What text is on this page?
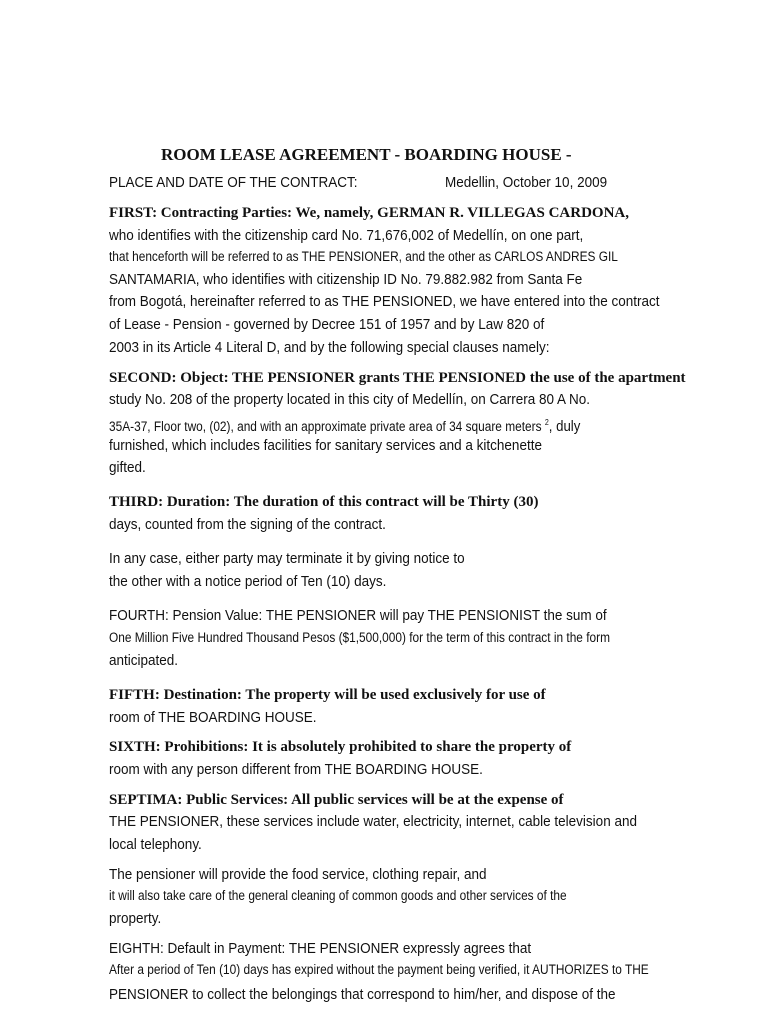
ROOM LEASE AGREEMENT - BOARDING HOUSE -
PLACE AND DATE OF THE CONTRACT:	Medellin, October 10, 2009
FIRST: Contracting Parties: We, namely, GERMAN R. VILLEGAS CARDONA,
who identifies with the citizenship card No. 71,676,002 of Medellín, on one part,
that henceforth will be referred to as THE PENSIONER, and the other as CARLOS ANDRES GIL
SANTAMARIA, who identifies with citizenship ID No. 79.882.982 from Santa Fe
from Bogotá, hereinafter referred to as THE PENSIONED, we have entered into the contract
of Lease - Pension - governed by Decree 151 of 1957 and by Law 820 of
2003 in its Article 4 Literal D, and by the following special clauses namely:
SECOND: Object: THE PENSIONER grants THE PENSIONED the use of the apartment
study No. 208 of the property located in this city of Medellín, on Carrera 80 A No.
35A-37, Floor two, (02), and with an approximate private area of 34 square meters $^2$, duly
furnished, which includes facilities for sanitary services and a kitchenette
gifted.
THIRD: Duration: The duration of this contract will be Thirty (30)
days, counted from the signing of the contract.
In any case, either party may terminate it by giving notice to
the other with a notice period of Ten (10) days.
FOURTH: Pension Value: THE PENSIONER will pay THE PENSIONIST the sum of
One Million Five Hundred Thousand Pesos ($1,500,000) for the term of this contract in the form
anticipated.
FIFTH: Destination: The property will be used exclusively for use of
room of THE BOARDING HOUSE.
SIXTH: Prohibitions: It is absolutely prohibited to share the property of
room with any person different from THE BOARDING HOUSE.
SEPTIMA: Public Services: All public services will be at the expense of
THE PENSIONER, these services include water, electricity, internet, cable television and
local telephony.
The pensioner will provide the food service, clothing repair, and
it will also take care of the general cleaning of common goods and other services of the
property.
EIGHTH: Default in Payment: THE PENSIONER expressly agrees that
After a period of Ten (10) days has expired without the payment being verified, it AUTHORIZES to THE
PENSIONER to collect the belongings that correspond to him/her, and dispose of the
